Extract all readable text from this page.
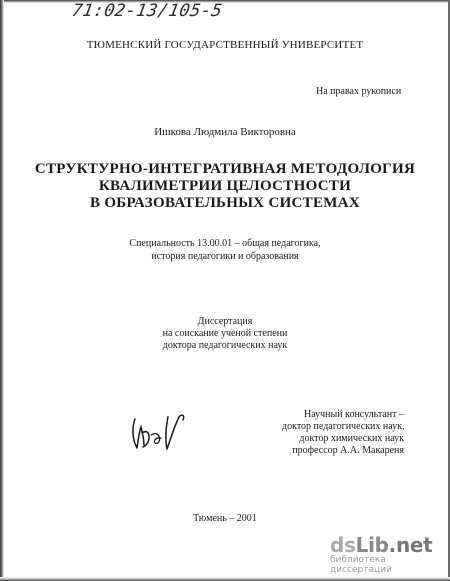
71:02-13/105-5
ТЮМЕНСКИЙ ГОСУДАРСТВЕННЫЙ УНИВЕРСИТЕТ
На правах рукописи
Ишкова Людмила Викторовна
СТРУКТУРНО-ИНТЕГРАТИВНАЯ МЕТОДОЛОГИЯ
КВАЛИМЕТРИИ ЦЕЛОСТНОСТИ
В ОБРАЗОВАТЕЛЬНЫХ СИСТЕМАХ
Специальность 13.00.01 – общая педагогика,
история педагогики и образования
Диссертация
на соискание ученой степени
доктора педагогических наук
Научный консультант –
доктор педагогических наук,
доктор химических наук
профессор А.А. Макареня
Тюмень – 2001
dsLib.net
библиотека диссертаций
